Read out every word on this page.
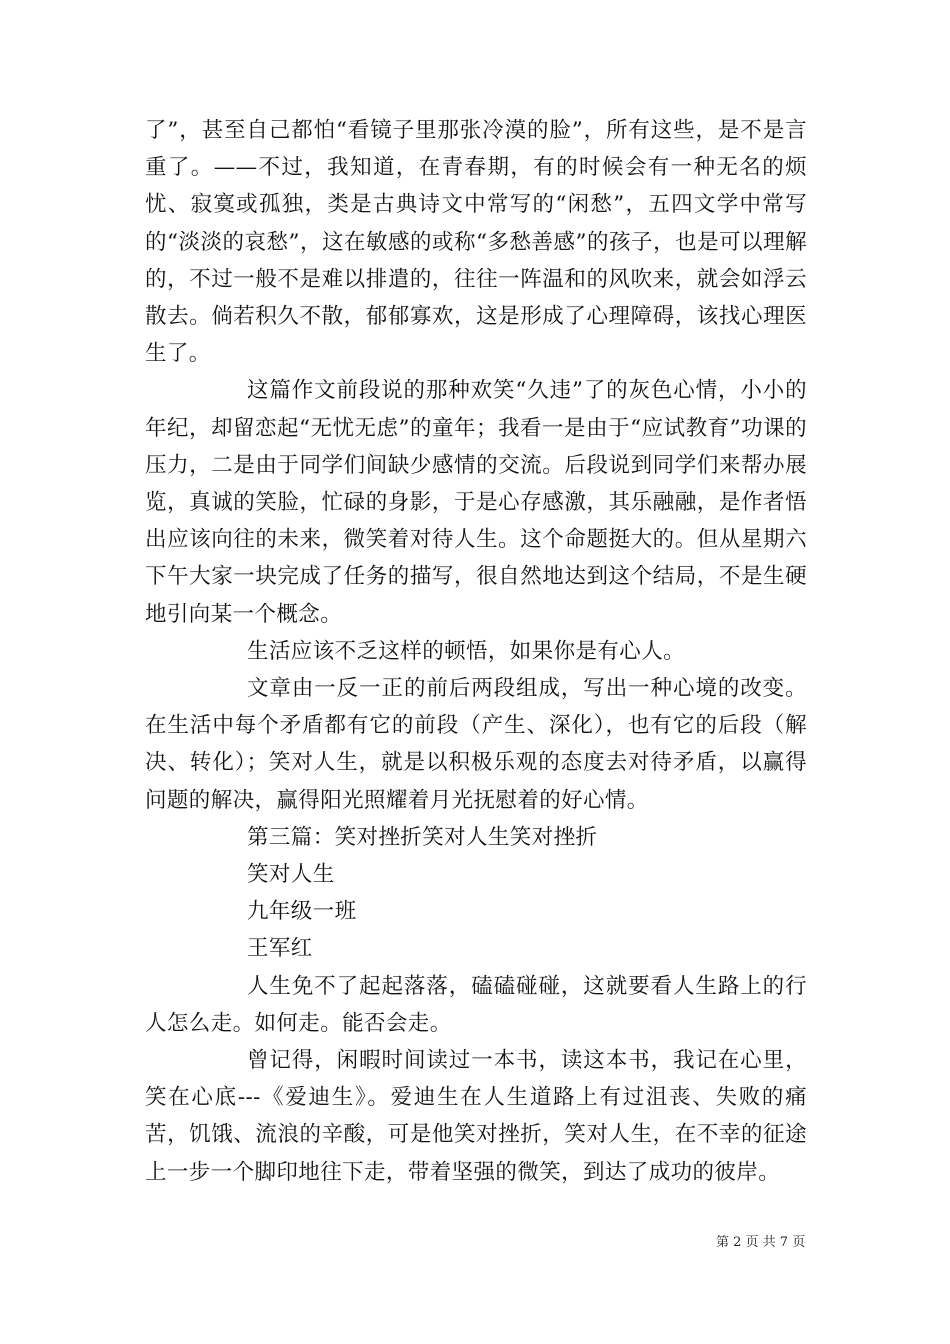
了”，甚至自己都怕“看镜子里那张冷漠的脸”，所有这些，是不是言重了。——不过，我知道，在青春期，有的时候会有一种无名的烦忧、寂寞或孤独，类是古典诗文中常写的“闲愁”，五四文学中常写的“淡淡的哀愁”，这在敏感的或称“多愁善感”的孩子，也是可以理解的，不过一般不是难以排遣的，往往一阵温和的风吹来，就会如浮云散去。倘若积久不散，郁郁寡欢，这是形成了心理障碍，该找心理医生了。

这篇作文前段说的那种欢笑“久违”了的灰色心情，小小的年纪，却留恋起“无忧无虑”的童年；我看一是由于“应试教育”功课的压力，二是由于同学们间缺少感情的交流。后段说到同学们来帮办展览，真诚的笑脸，忙碌的身影，于是心存感激，其乐融融，是作者悟出应该向往的未来，微笑着对待人生。这个命题挺大的。但从星期六下午大家一块完成了任务的描写，很自然地达到这个结局，不是生硬地引向某一个概念。

生活应该不乏这样的顿悟，如果你是有心人。

文章由一反一正的前后两段组成，写出一种心境的改变。在生活中每个矛盾都有它的前段（产生、深化），也有它的后段（解决、转化）；笑对人生，就是以积极乐观的态度去对待矛盾，以赢得问题的解决，赢得阳光照耀着月光抚慰着的好心情。

第三篇：笑对挫折笑对人生笑对挫折

笑对人生

九年级一班

王军红

人生免不了起起落落，磕磕碰碰，这就要看人生路上的行人怎么走。如何走。能否会走。

曾记得，闲暇时间读过一本书，读这本书，我记在心里，笑在心底---《爱迪生》。爱迪生在人生道路上有过沮丧、失败的痛苦，饥饿、流浪的辛酸，可是他笑对挫折，笑对人生，在不幸的征途上一步一个脚印地往下走，带着坚强的微笑，到达了成功的彼岸。

第 2 页 共 7 页
